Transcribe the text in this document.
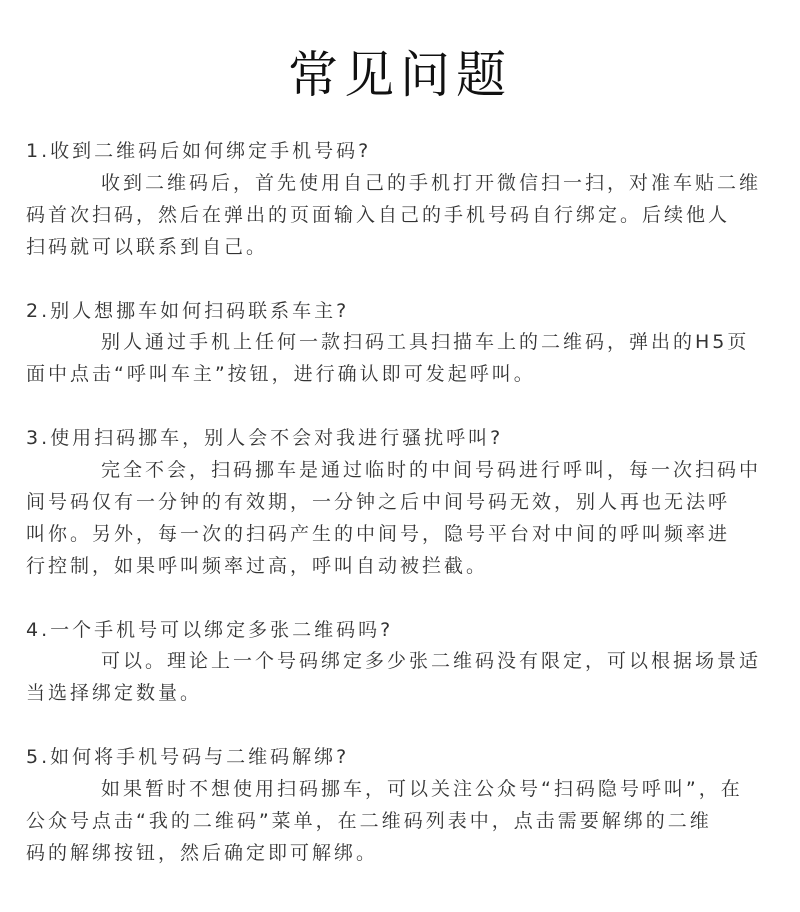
常见问题
1.收到二维码后如何绑定手机号码?
收到二维码后，首先使用自己的手机打开微信扫一扫，对准车贴二维
码首次扫码，然后在弹出的页面输入自己的手机号码自行绑定。后续他人
扫码就可以联系到自己。
2.别人想挪车如何扫码联系车主?
别人通过手机上任何一款扫码工具扫描车上的二维码，弹出的H5页
面中点击“呼叫车主”按钮，进行确认即可发起呼叫。
3.使用扫码挪车，别人会不会对我进行骚扰呼叫?
完全不会，扫码挪车是通过临时的中间号码进行呼叫，每一次扫码中
间号码仅有一分钟的有效期，一分钟之后中间号码无效，别人再也无法呼
叫你。另外，每一次的扫码产生的中间号，隐号平台对中间的呼叫频率进
行控制，如果呼叫频率过高，呼叫自动被拦截。
4.一个手机号可以绑定多张二维码吗?
可以。理论上一个号码绑定多少张二维码没有限定，可以根据场景适
当选择绑定数量。
5.如何将手机号码与二维码解绑?
如果暂时不想使用扫码挪车，可以关注公众号“扫码隐号呼叫”，在
公众号点击“我的二维码”菜单，在二维码列表中，点击需要解绑的二维
码的解绑按钮，然后确定即可解绑。
